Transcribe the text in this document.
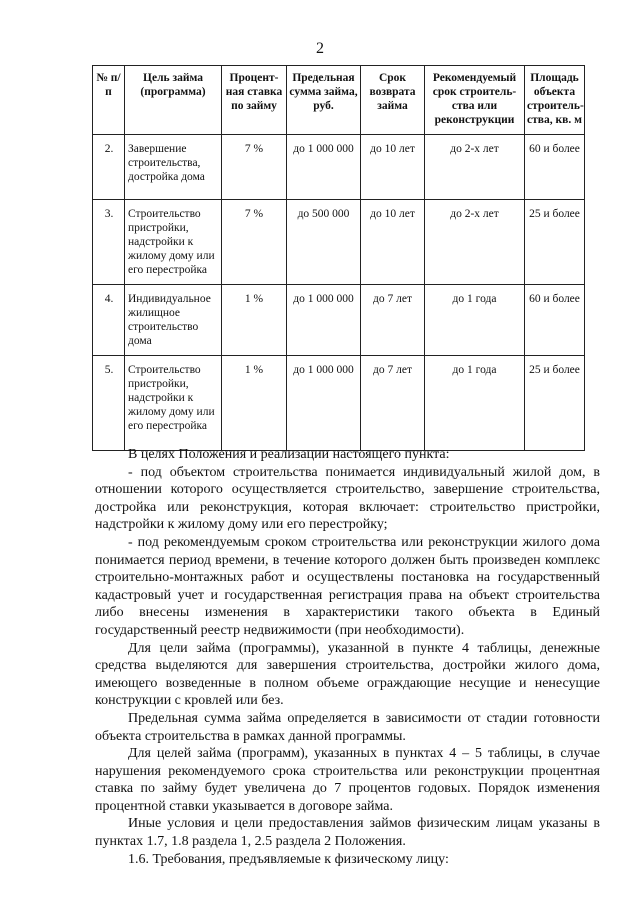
2
№ п/п	Цель займа (программа)	Процент-ная ставка по займу	Предельная сумма займа, руб.	Срок возврата займа	Рекомендуемый срок строитель-ства или реконструкции	Площадь объекта строитель-ства, кв. м
2.	Завершение строительства, достройка дома	7 %	до 1 000 000	до 10 лет	до 2-х лет	60 и более
3.	Строительство пристройки, надстройки к жилому дому или его перестройка	7 %	до 500 000	до 10 лет	до 2-х лет	25 и более
4.	Индивидуальное жилищное строительство дома	1 %	до 1 000 000	до 7 лет	до 1 года	60 и более
5.	Строительство пристройки, надстройки к жилому дому или его перестройка	1 %	до 1 000 000	до 7 лет	до 1 года	25 и более

В целях Положения и реализации настоящего пункта:

- под объектом строительства понимается индивидуальный жилой дом, в отношении которого осуществляется строительство, завершение строительства, достройка или реконструкция, которая включает: строительство пристройки, надстройки к жилому дому или его перестройку;

- под рекомендуемым сроком строительства или реконструкции жилого дома понимается период времени, в течение которого должен быть произведен комплекс строительно-монтажных работ и осуществлены постановка на государственный кадастровый учет и государственная регистрация права на объект строительства либо внесены изменения в характеристики такого объекта в Единый государственный реестр недвижимости (при необходимости).

Для цели займа (программы), указанной в пункте 4 таблицы, денежные средства выделяются для завершения строительства, достройки жилого дома, имеющего возведенные в полном объеме ограждающие несущие и ненесущие конструкции с кровлей или без.

Предельная сумма займа определяется в зависимости от стадии готовности объекта строительства в рамках данной программы.

Для целей займа (программ), указанных в пунктах 4 – 5 таблицы, в случае нарушения рекомендуемого срока строительства или реконструкции процентная ставка по займу будет увеличена до 7 процентов годовых. Порядок изменения процентной ставки указывается в договоре займа.

Иные условия и цели предоставления займов физическим лицам указаны в пунктах 1.7, 1.8 раздела 1, 2.5 раздела 2 Положения.

1.6. Требования, предъявляемые к физическому лицу:
